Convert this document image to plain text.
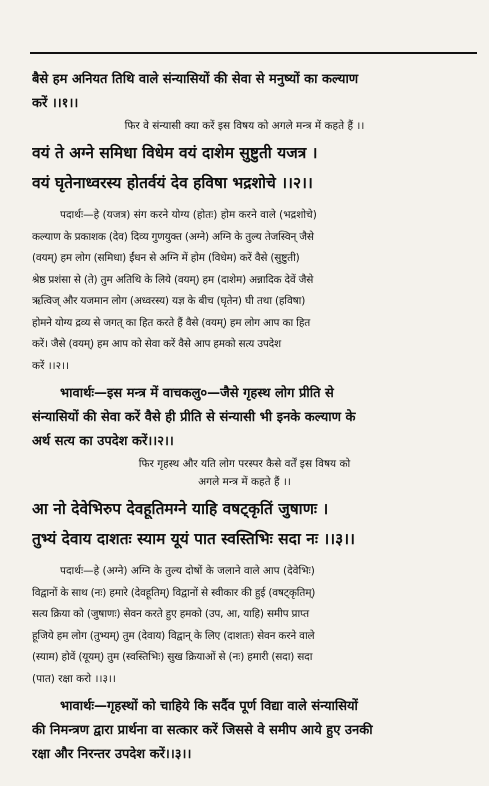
बैसे हम अनियत तिथि वाले संन्यासियों की सेवा से मनुष्यों का कल्याण
करें ।।१।।
फिर वे संन्यासी क्या करें इस विषय को अगले मन्त्र में कहते हैं ।।
वयं ते अग्ने समिधा विधेम वयं दाशेम सुष्टुती यजत्र ।
वयं घृतेनाध्वरस्य होतर्वयं देव हविषा भद्रशोचे ।।२।।
पदार्थः—हे (यजत्र) संग करने योग्य (होतः) होम करने वाले (भद्रशोचे)
कल्याण के प्रकाशक (देव) दिव्य गुणयुक्त (अग्ने) अग्नि के तुल्य तेजस्विन् जैसे
(वयम्) हम लोग (समिधा) ईंधन से अग्नि में होम (विधेम) करें वैसे (सुष्टुती)
श्रेष्ठ प्रशंसा से (ते) तुम अतिथि के लिये (वयम्) हम (दाशेम) अन्नादिक देवें जैसे
ऋत्विज् और यजमान लोग (अध्वरस्य) यज्ञ के बीच (घृतेन) घी तथा (हविषा)
होमने योग्य द्रव्य से जगत् का हित करते हैं वैसे (वयम्) हम लोग आप का हित
करें। जैसे (वयम्) हम आप को सेवा करें वैसे आप हमको सत्य उपदेश
करें ।।२।।
भावार्थः—इस मन्त्र में वाचकलु०—जैसे गृहस्थ लोग प्रीति से
संन्यासियों की सेवा करें वैसे ही प्रीति से संन्यासी भी इनके कल्याण के
अर्थ सत्य का उपदेश करें।।२।।
फिर गृहस्थ और यति लोग परस्पर कैसे वर्तें इस विषय को
अगले मन्त्र में कहते हैं ।।
आ नो देवेभिरुप देवहूतिमग्ने याहि वषट्कृतिं जुषाणः ।
तुभ्यं देवाय दाशतः स्याम यूयं पात स्वस्तिभिः सदा नः ।।३।।
पदार्थः—हे (अग्ने) अग्नि के तुल्य दोषों के जलाने वाले आप (देवेभिः)
विद्वानों के साथ (नः) हमारे (देवहूतिम्) विद्वानों से स्वीकार की हुई (वषट्कृतिम्)
सत्य क्रिया को (जुषाणः) सेवन करते हुए हमको (उप, आ, याहि) समीप प्राप्त
हूजिये हम लोग (तुभ्यम्) तुम (देवाय) विद्वान् के लिए (दाशतः) सेवन करने वाले
(स्याम) होवें (यूयम्) तुम (स्वस्तिभिः) सुख क्रियाओं से (नः) हमारी (सदा) सदा
(पात) रक्षा करो ।।३।।
भावार्थः—गृहस्थों को चाहिये कि सर्दैव पूर्ण विद्या वाले संन्यासियों
की निमन्त्रण द्वारा प्रार्थना वा सत्कार करें जिससे वे समीप आये हुए उनकी
रक्षा और निरन्तर उपदेश करें।।३।।
